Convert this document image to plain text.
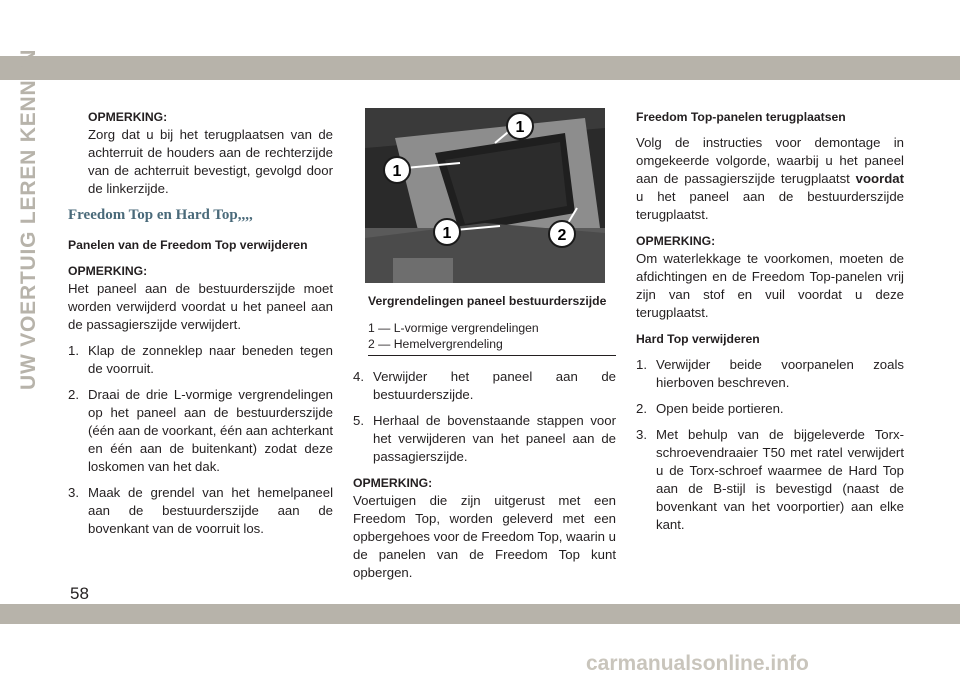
UW VOERTUIG LEREN KENNEN	OPMERKING:

Zorg dat u bij het terugplaatsen van de achterruit de houders aan de rechterzijde van de achterruit bevestigt, gevolgd door de linkerzijde.

Freedom Top en Hard Top,,,,
Panelen van de Freedom Top verwijderen
OPMERKING:

Het paneel aan de bestuurderszijde moet worden verwijderd voordat u het paneel aan de passagierszijde verwijdert.

1. Klap de zonneklep naar beneden tegen de voorruit.
2. Draai de drie L-vormige vergrendelingen op het paneel aan de bestuurderszijde (één aan de voorkant, één aan achterkant en één aan de buitenkant) zodat deze loskomen van het dak.
3. Maak de grendel van het hemelpaneel aan de bestuurderszijde aan de bovenkant van de voorruit los.
1
1
1	2
Vergrendelingen paneel bestuurderszijde
1 — L-vormige vergrendelingen
2 — Hemelvergrendeling
4. Verwijder het paneel aan de bestuurderszijde.
5. Herhaal de bovenstaande stappen voor het verwijderen van het paneel aan de passagierszijde.
OPMERKING:

Voertuigen die zijn uitgerust met een Freedom Top, worden geleverd met een opbergehoes voor de Freedom Top, waarin u de panelen van de Freedom Top kunt opbergen.

Freedom Top-panelen terugplaatsen

Volg de instructies voor demontage in omgekeerde volgorde, waarbij u het paneel aan de passagierszijde terugplaatst voordat u het paneel aan de bestuurderszijde terugplaatst.

OPMERKING:

Om waterlekkage te voorkomen, moeten de afdichtingen en de Freedom Top-panelen vrij zijn van stof en vuil voordat u deze terugplaatst.

Hard Top verwijderen
1. Verwijder beide voorpanelen zoals hierboven beschreven.
2. Open beide portieren.
3. Met behulp van de bijgeleverde Torx-schroevendraaier T50 met ratel verwijdert u de Torx-schroef waarmee de Hard Top aan de B-stijl is bevestigd (naast de bovenkant van het voorportier) aan elke kant.
58
carmanualsonline.info
